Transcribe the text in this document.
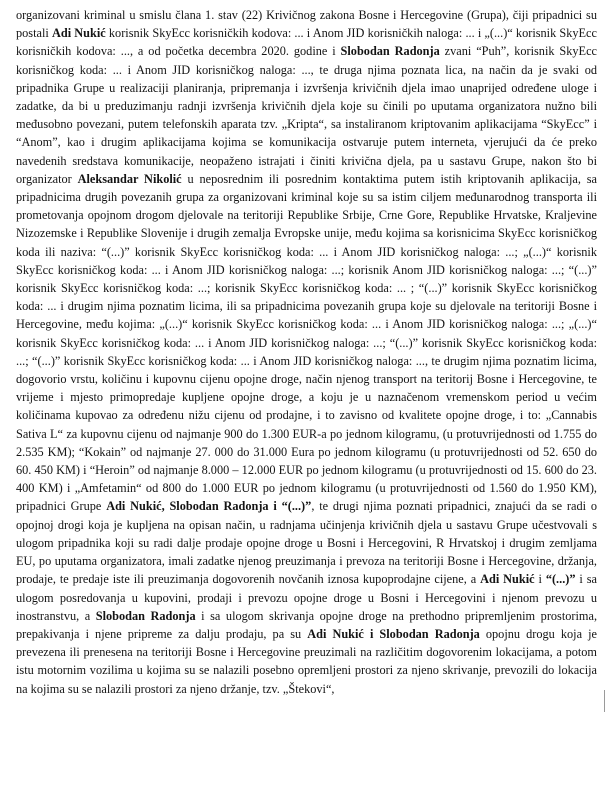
organizovani kriminal u smislu člana 1. stav (22) Krivičnog zakona Bosne i Hercegovine (Grupa), čiji pripadnici su postali Adi Nukić korisnik SkyEcc korisničkih kodova: ... i Anom JID korisničkih naloga: ... i „(...)“ korisnik SkyEcc korisničkih kodova: ..., a od početka decembra 2020. godine i Slobodan Radonja zvani “Puh”, korisnik SkyEcc korisničkog koda: ... i Anom JID korisničkog naloga: ..., te druga njima poznata lica, na način da je svaki od pripadnika Grupe u realizaciji planiranja, pripremanja i izvršenja krivičnih djela imao unaprijed određene uloge i zadatke, da bi u preduzimanju radnji izvršenja krivičnih djela koje su činili po uputama organizatora nužno bili međusobno povezani, putem telefonskih aparata tzv. „Kripta“, sa instaliranom kriptovanim aplikacijama “SkyEcc” i “Anom”, kao i drugim aplikacijama kojima se komunikacija ostvaruje putem interneta, vjerujući da će preko navedenih sredstava komunikacije, neopaženo istrajati i činiti krivična djela, pa u sastavu Grupe, nakon što bi organizator Aleksandar Nikolić u neposrednim ili posrednim kontaktima putem istih kriptovanih aplikacija, sa pripadnicima drugih povezanih grupa za organizovani kriminal koje su sa istim ciljem međunarodnog transporta ili prometovanja opojnom drogom djelovale na teritoriji Republike Srbije, Crne Gore, Republike Hrvatske, Kraljevine Nizozemske i Republike Slovenije i drugih zemalja Evropske unije, među kojima sa korisnicima SkyEcc korisničkog koda ili naziva: “(...)” korisnik SkyEcc korisničkog koda: ... i Anom JID korisničkog naloga: ...; „(...)“ korisnik SkyEcc korisničkog koda: ... i Anom JID korisničkog naloga: ...; korisnik Anom JID korisničkog naloga: ...; “(...)” korisnik SkyEcc korisničkog koda: ...; korisnik SkyEcc korisničkog koda: ... ; “(...)” korisnik SkyEcc korisničkog koda: ... i drugim njima poznatim licima, ili sa pripadnicima povezanih grupa koje su djelovale na teritoriji Bosne i Hercegovine, među kojima: „(...)“ korisnik SkyEcc korisničkog koda: ... i Anom JID korisničkog naloga: ...; „(...)“ korisnik SkyEcc korisničkog koda: ... i Anom JID korisničkog naloga: ...; “(...)” korisnik SkyEcc korisničkog koda: ...; “(...)” korisnik SkyEcc korisničkog koda: ... i Anom JID korisničkog naloga: ..., te drugim njima poznatim licima, dogovorio vrstu, količinu i kupovnu cijenu opojne droge, način njenog transport na teritorij Bosne i Hercegovine, te vrijeme i mjesto primopredaje kupljene opojne droge, a koju je u naznačenom vremenskom period u većim količinama kupovao za određenu nižu cijenu od prodajne, i to zavisno od kvalitete opojne droge, i to: „Cannabis Sativa L“ za kupovnu cijenu od najmanje 900 do 1.300 EUR-a po jednom kilogramu, (u protuvrijednosti od 1.755 do 2.535 KM); “Kokain” od najmanje 27. 000 do 31.000 Eura po jednom kilogramu (u protuvrijednosti od 52. 650 do 60. 450 KM) i “Heroin” od najmanje 8.000 – 12.000 EUR po jednom kilogramu (u protuvrijednosti od 15. 600 do 23. 400 KM) i „Amfetamin“ od 800 do 1.000 EUR po jednom kilogramu (u protuvrijednosti od 1.560 do 1.950 KM), pripadnici Grupe Adi Nukić, Slobodan Radonja i “(...)”, te drugi njima poznati pripadnici, znajući da se radi o opojnoj drogi koja je kupljena na opisan način, u radnjama učinjenja krivičnih djela u sastavu Grupe učestvovali s ulogom pripadnika koji su radi dalje prodaje opojne droge u Bosni i Hercegovini, R Hrvatskoj i drugim zemljama EU, po uputama organizatora, imali zadatke njenog preuzimanja i prevoza na teritoriji Bosne i Hercegovine, držanja, prodaje, te predaje iste ili preuzimanja dogovorenih novčanih iznosa kupoprodajne cijene, a Adi Nukić i “(...)” i sa ulogom posredovanja u kupovini, prodaji i prevozu opojne droge u Bosni i Hercegovini i njenom prevozu u inostranstvu, a Slobodan Radonja i sa ulogom skrivanja opojne droge na prethodno pripremljenim prostorima, prepakivanja i njene pripreme za dalju prodaju, pa su Adi Nukić i Slobodan Radonja opojnu drogu koja je prevezena ili prenesena na teritoriji Bosne i Hercegovine preuzimali na različitim dogovorenim lokacijama, a potom istu motornim vozilima u kojima su se nalazili posebno opremljeni prostori za njeno skrivanje, prevozili do lokacija na kojima su se nalazili prostori za njeno držanje, tzv. „Štekovi“,
